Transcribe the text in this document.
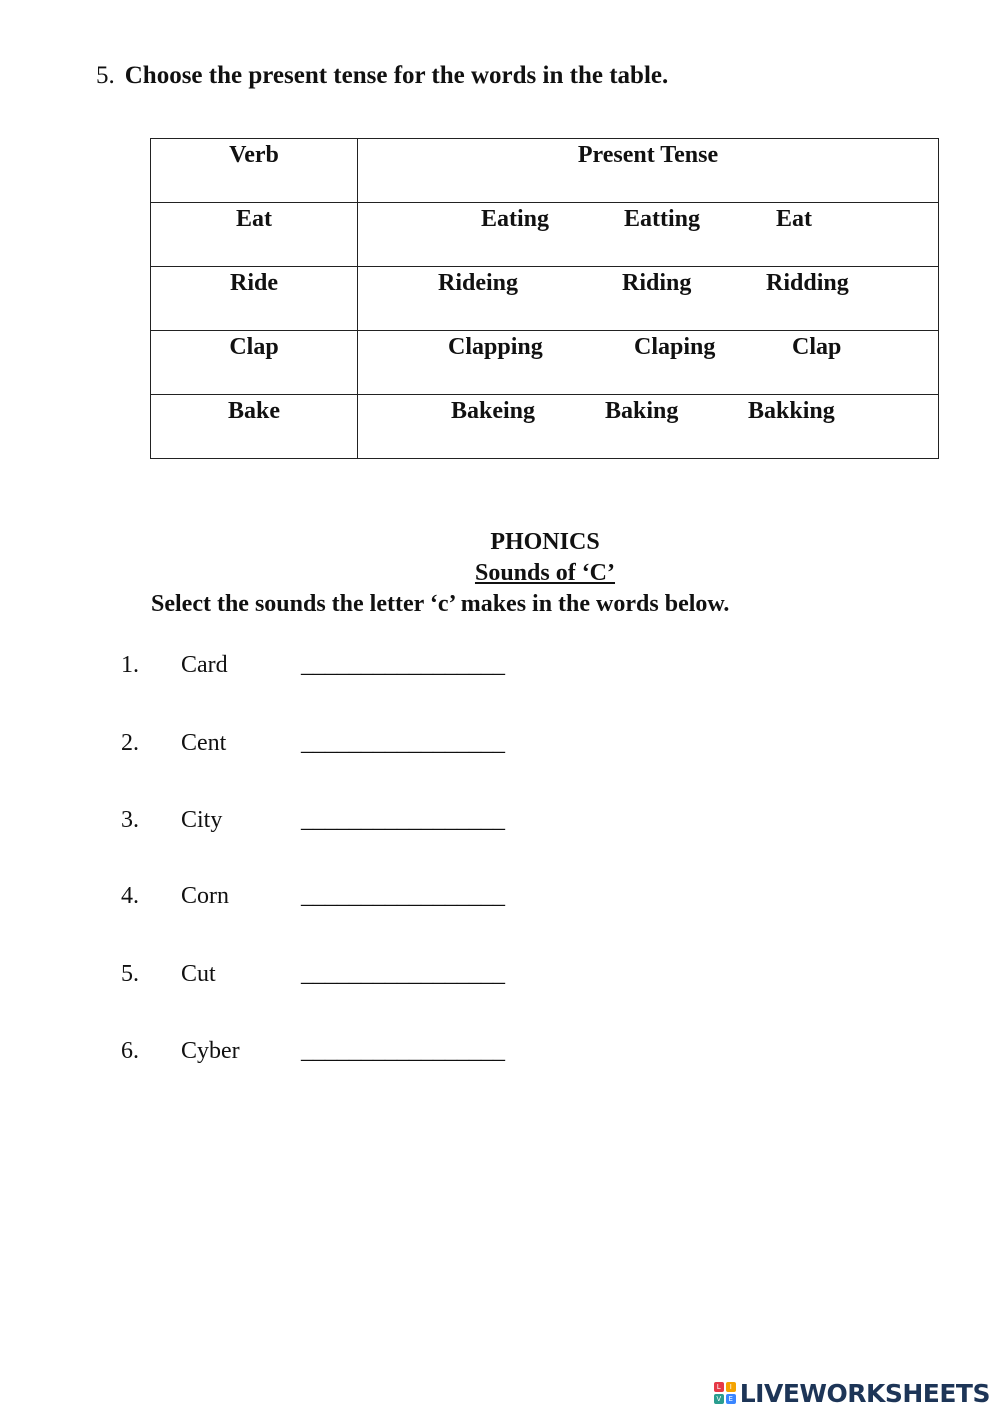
5. Choose the present tense for the words in the table.
Verb	Present Tense
Eat	Eating Eatting Eat

Ride	Rideing Riding Ridding

Clap	Clapping Claping Clap

Bake	Bakeing Baking Bakking
PHONICS
Sounds of ‘C’
Select the sounds the letter ‘c’ makes in the words below.
1. Card	_________________
2. Cent	_________________
3. City	_________________
4. Corn	_________________
5. Cut	_________________
6. Cyber	_________________
L	I
V	E LIVEWORKSHEETS
